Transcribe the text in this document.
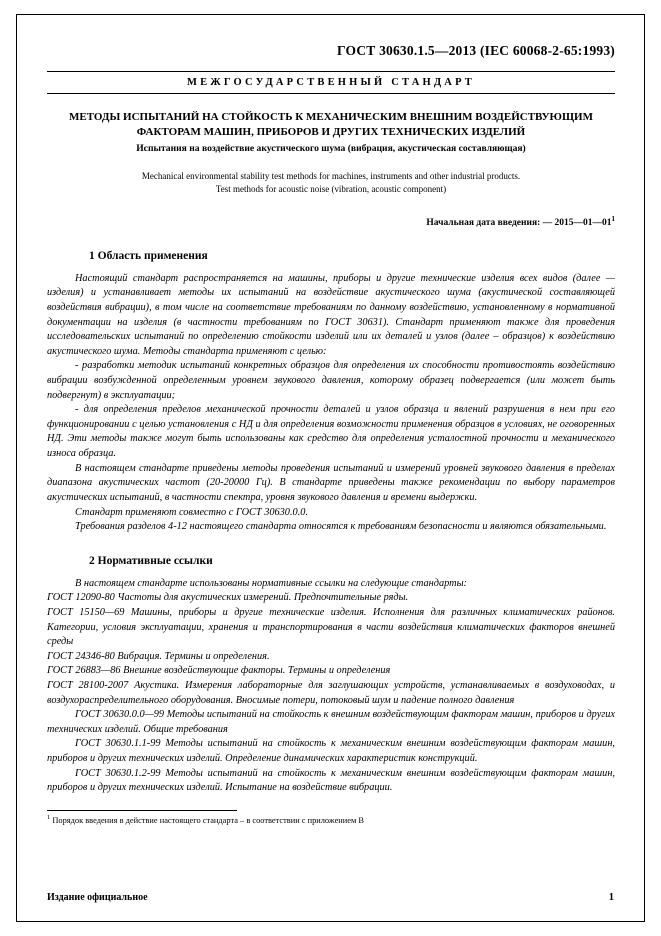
ГОСТ 30630.1.5—2013 (IEC 60068-2-65:1993)
МЕЖГОСУДАРСТВЕННЫЙ СТАНДАРТ
МЕТОДЫ ИСПЫТАНИЙ НА СТОЙКОСТЬ К МЕХАНИЧЕСКИМ ВНЕШНИМ ВОЗДЕЙСТВУЮЩИМ
ФАКТОРАМ МАШИН, ПРИБОРОВ И ДРУГИХ ТЕХНИЧЕСКИХ ИЗДЕЛИЙ
Испытания на воздействие акустического шума (вибрация, акустическая составляющая)
Mechanical environmental stability test methods for machines, instruments and other industrial products.
Test methods for acoustic noise (vibration, acoustic component)
Начальная дата введения: — $2015—01—01^1$
1 Область применения

Настоящий стандарт распространяется на машины, приборы и другие технические изделия всех видов (далее — изделия) и устанавливает методы их испытаний на воздействие акустического шума (акустической составляющей воздействия вибрации), в том числе на соответствие требованиям по данному воздействию, установленному в нормативной документации на изделия (в частности требованиям по ГОСТ 30631). Стандарт применяют также для проведения исследовательских испытаний по определению стойкости изделий или их деталей и узлов (далее – образцов) к воздействию акустического шума. Методы стандарта применяют с целью:

- разработки методик испытаний конкретных образцов для определения их способности противостоять воздействию вибрации возбужденной определенным уровнем звукового давления, которому образец подвергается (или может быть подвергнут) в эксплуатации;

- для определения пределов механической прочности деталей и узлов образца и явлений разрушения в нем при его функционировании с целью установления с НД и для определения возможности применения образцов в условиях, не оговоренных НД. Эти методы также могут быть использованы как средство для определения усталостной прочности и механического износа образца.

В настоящем стандарте приведены методы проведения испытаний и измерений уровней звукового давления в пределах диапазона акустических частот (20-20000 Гц). В стандарте приведены также рекомендации по выбору параметров акустических испытаний, в частности спектра, уровня звукового давления и времени выдержки.

Стандарт применяют совместно с ГОСТ 30630.0.0.

Требования разделов 4-12 настоящего стандарта относятся к требованиям безопасности и являются обязательными.

2 Нормативные ссылки

В настоящем стандарте использованы нормативные ссылки на следующие стандарты:

ГОСТ 12090-80 Частоты для акустических измерений. Предпочтительные ряды.

ГОСТ 15150—69 Машины, приборы и другие технические изделия. Исполнения для различных климатических районов. Категории, условия эксплуатации, хранения и транспортирования в части воздействия климатических факторов внешней среды

ГОСТ 24346-80 Вибрация. Термины и определения.

ГОСТ 26883—86 Внешние воздействующие факторы. Термины и определения

ГОСТ 28100-2007 Акустика. Измерения лабораторные для заглушающих устройств, устанавливаемых в воздуховодах, и воздухораспределительного оборудования. Вносимые потери, потоковый шум и падение полного давления

ГОСТ 30630.0.0—99 Методы испытаний на стойкость к внешним воздействующим факторам машин, приборов и других технических изделий. Общие требования

ГОСТ 30630.1.1-99 Методы испытаний на стойкость к механическим внешним воздействующим факторам машин, приборов и других технических изделий. Определение динамических характеристик конструкций.

ГОСТ 30630.1.2-99 Методы испытаний на стойкость к механическим внешним воздействующим факторам машин, приборов и других технических изделий. Испытание на воздействие вибрации.

$^1$ Порядок введения в действие настоящего стандарта – в соответствии с приложением В
Издание официальное	1
